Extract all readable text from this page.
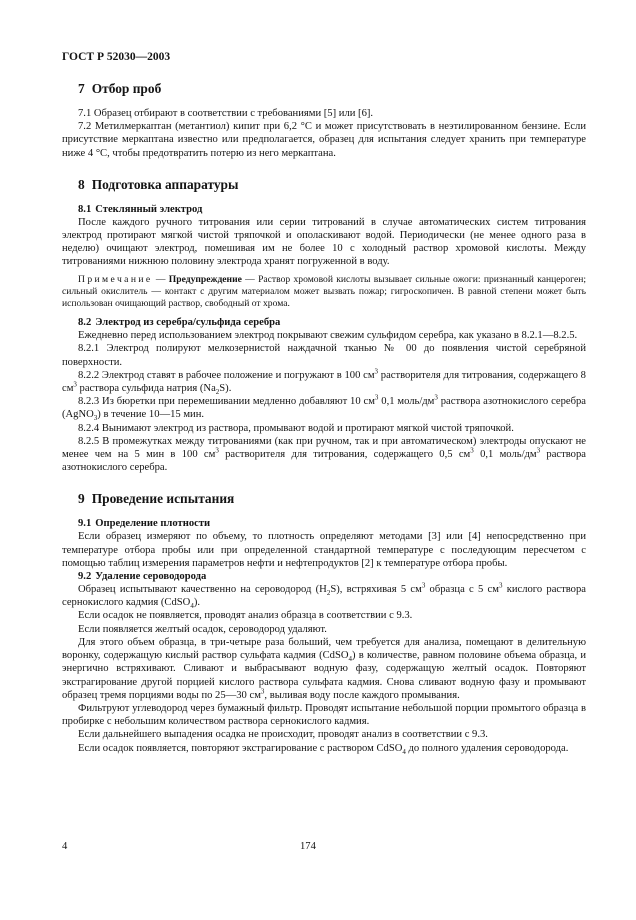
ГОСТ Р 52030—2003
7 Отбор проб

7.1 Образец отбирают в соответствии с требованиями [5] или [6].

7.2 Метилмеркаптан (метантиол) кипит при 6,2 °С и может присутствовать в неэтилированном бензине. Если присутствие меркаптана известно или предполагается, образец для испытания следует хранить при температуре ниже 4 °С, чтобы предотвратить потерю из него меркаптана.

8 Подготовка аппаратуры
8.1 Стеклянный электрод

После каждого ручного титрования или серии титрований в случае автоматических систем титрования электрод протирают мягкой чистой тряпочкой и ополаскивают водой. Периодически (не менее одного раза в неделю) очищают электрод, помешивая им не более 10 с холодный раствор хромовой кислоты. Между титрованиями нижнюю половину электрода хранят погруженной в воду.

Примечание — Предупреждение — Раствор хромовой кислоты вызывает сильные ожоги: признанный канцероген; сильный окислитель — контакт с другим материалом может вызвать пожар; гигроскопичен. В равной степени может быть использован очищающий раствор, свободный от хрома.

8.2 Электрод из серебра/сульфида серебра

Ежедневно перед использованием электрод покрывают свежим сульфидом серебра, как указано в 8.2.1—8.2.5.

8.2.1 Электрод полируют мелкозернистой наждачной тканью № 00 до появления чистой серебряной поверхности.

8.2.2 Электрод ставят в рабочее положение и погружают в 100 $см^3$ растворителя для титрования, содержащего 8 $см^3$ раствора сульфида натрия $(Na_2S)$.

8.2.3 Из бюретки при перемешивании медленно добавляют 10 $см^3$ 0,1 моль/$дм^3$ раствора азотнокислого серебра (AgNO$_3$) в течение 10—15 мин.

8.2.4 Вынимают электрод из раствора, промывают водой и протирают мягкой чистой тряпочкой.

8.2.5 В промежутках между титрованиями (как при ручном, так и при автоматическом) электроды опускают не менее чем на 5 мин в 100 $см^3$ растворителя для титрования, содержащего 0,5 $см^3$ 0,1 моль/$дм^3$ раствора азотнокислого серебра.

9 Проведение испытания
9.1 Определение плотности

Если образец измеряют по объему, то плотность определяют методами [3] или [4] непосредственно при температуре отбора пробы или при определенной стандартной температуре с последующим пересчетом с помощью таблиц измерения параметров нефти и нефтепродуктов [2] к температуре отбора пробы.

9.2 Удаление сероводорода

Образец испытывают качественно на сероводород $(H_2S)$, встряхивая 5 $см^3$ образца с 5 $см^3$ кислого раствора сернокислого кадмия (CdSO$_4$).

Если осадок не появляется, проводят анализ образца в соответствии с 9.3.

Если появляется желтый осадок, сероводород удаляют.

Для этого объем образца, в три-четыре раза больший, чем требуется для анализа, помещают в делительную воронку, содержащую кислый раствор сульфата кадмия (CdSO$_4$) в количестве, равном половине объема образца, и энергично встряхивают. Сливают и выбрасывают водную фазу, содержащую желтый осадок. Повторяют экстрагирование другой порцией кислого раствора сульфата кадмия. Снова сливают водную фазу и промывают образец тремя порциями воды по 25—30 $см^3$, выливая воду после каждого промывания.

Фильтруют углеводород через бумажный фильтр. Проводят испытание небольшой порции промытого образца в пробирке с небольшим количеством раствора сернокислого кадмия.

Если дальнейшего выпадения осадка не происходит, проводят анализ в соответствии с 9.3.

Если осадок появляется, повторяют экстрагирование с раствором CdSO$_4$ до полного удаления сероводорода.

4	174
